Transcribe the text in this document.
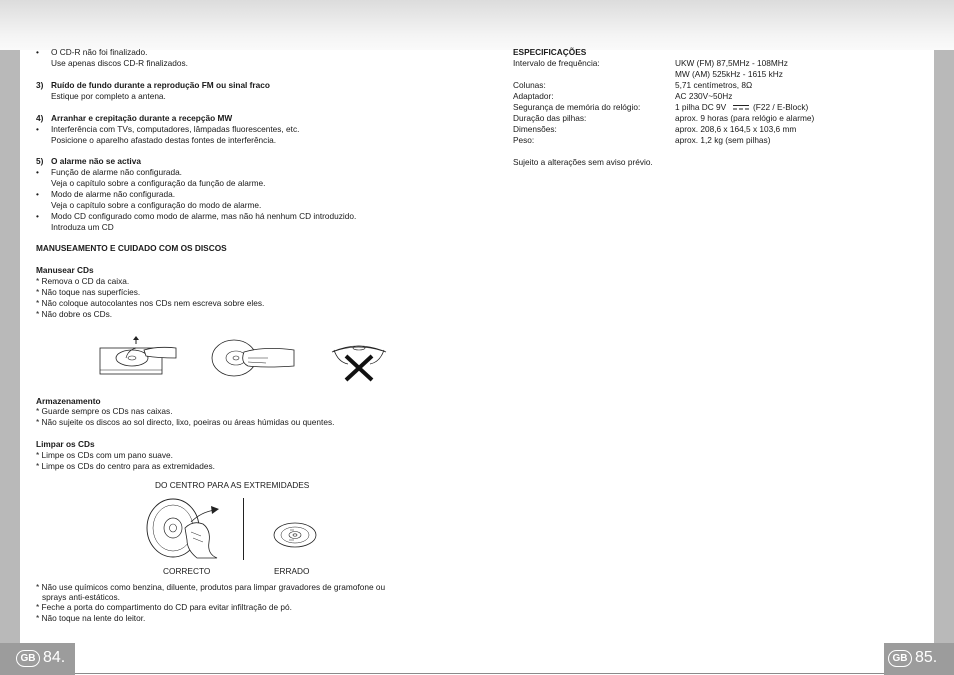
• O CD-R não foi finalizado.
Use apenas discos CD-R finalizados.
3) Ruído de fundo durante a reprodução FM ou sinal fraco
Estique por completo a antena.
4) Arranhar e crepitação durante a recepção MW
• Interferência com TVs, computadores, lâmpadas fluorescentes, etc.
Posicione o aparelho afastado destas fontes de interferência.
5) O alarme não se activa
• Função de alarme não configurada.
Veja o capítulo sobre a configuração da função de alarme.
• Modo de alarme não configurada.
Veja o capítulo sobre a configuração do modo de alarme.
• Modo CD configurado como modo de alarme, mas não há nenhum CD introduzido.
Introduza um CD
MANUSEAMENTO E CUIDADO COM OS DISCOS
Manusear CDs
* Remova o CD da caixa.
* Não toque nas superfícies.
* Não coloque autocolantes nos CDs nem escreva sobre eles.
* Não dobre os CDs.
Armazenamento
* Guarde sempre os CDs nas caixas.
* Não sujeite os discos ao sol directo, lixo, poeiras ou áreas húmidas ou quentes.
Limpar os CDs
* Limpe os CDs com um pano suave.
* Limpe os CDs do centro para as extremidades.
DO CENTRO PARA AS EXTREMIDADES
CORRECTO	ERRADO
* Não use químicos como benzina, diluente, produtos para limpar gravadores de gramofone ou
sprays anti-estáticos.
* Feche a porta do compartimento do CD para evitar infiltração de pó.
* Não toque na lente do leitor.
ESPECIFICAÇÕES
Intervalo de frequência:	UKW (FM) 87,5MHz - 108MHz
MW (AM) 525kHz - 1615 kHz
Colunas:	5,71 centímetros, 8Ω
Adaptador:	AC 230V~50Hz
Segurança de memória do relógio:	1 pilha DC 9V	(F22 / E-Block)
Duração das pilhas:	aprox. 9 horas (para relógio e alarme)
Dimensões:	aprox. 208,6 x 164,5 x 103,6 mm
Peso:	aprox. 1,2 kg (sem pilhas)
Sujeito a alterações sem aviso prévio.
GB 84.	GB 85.
